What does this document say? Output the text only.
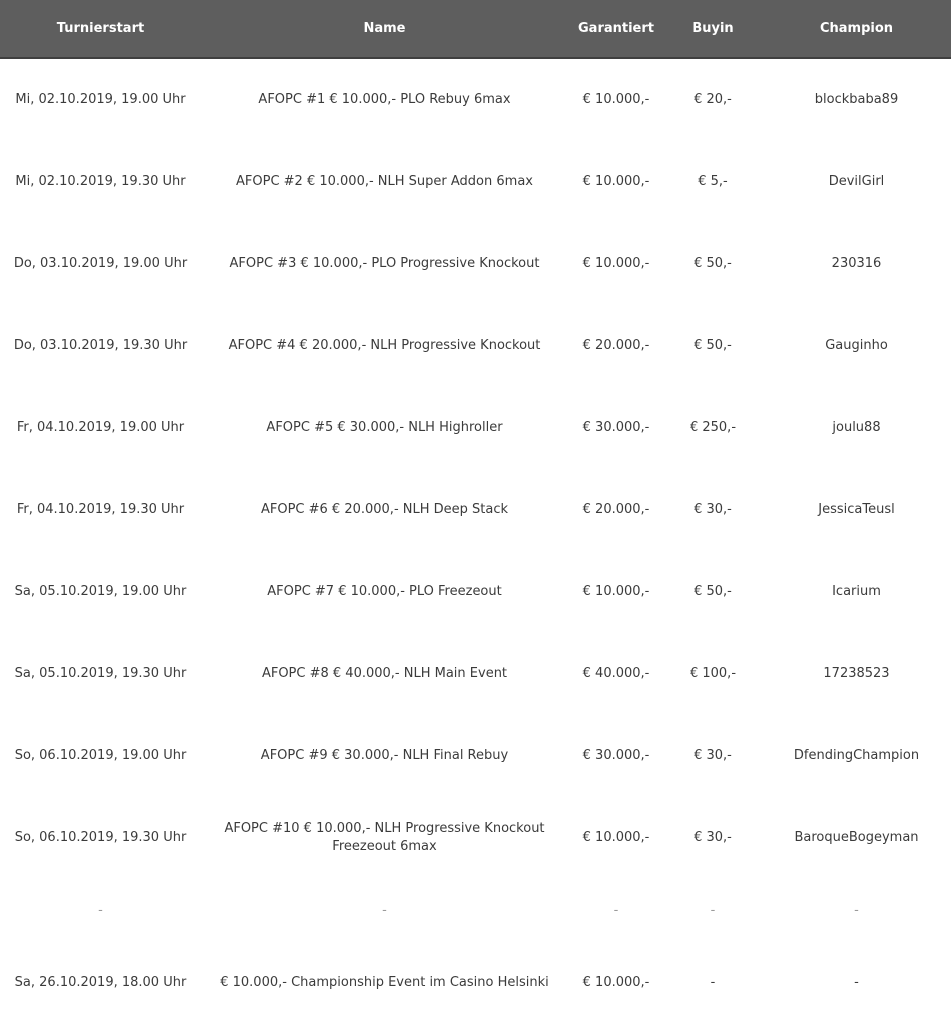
Turnierstart	Name	Garantiert	Buyin	Champion
Mi, 02.10.2019, 19.00 Uhr	AFOPC #1 € 10.000,- PLO Rebuy 6max	€ 10.000,-	€ 20,-	blockbaba89
Mi, 02.10.2019, 19.30 Uhr	AFOPC #2 € 10.000,- NLH Super Addon 6max	€ 10.000,-	€ 5,-	DevilGirl
Do, 03.10.2019, 19.00 Uhr	AFOPC #3 € 10.000,- PLO Progressive Knockout	€ 10.000,-	€ 50,-	230316
Do, 03.10.2019, 19.30 Uhr	AFOPC #4 € 20.000,- NLH Progressive Knockout	€ 20.000,-	€ 50,-	Gauginho
Fr, 04.10.2019, 19.00 Uhr	AFOPC #5 € 30.000,- NLH Highroller	€ 30.000,-	€ 250,-	joulu88
Fr, 04.10.2019, 19.30 Uhr	AFOPC #6 € 20.000,- NLH Deep Stack	€ 20.000,-	€ 30,-	JessicaTeusl
Sa, 05.10.2019, 19.00 Uhr	AFOPC #7 € 10.000,- PLO Freezeout	€ 10.000,-	€ 50,-	Icarium
Sa, 05.10.2019, 19.30 Uhr	AFOPC #8 € 40.000,- NLH Main Event	€ 40.000,-	€ 100,-	17238523
So, 06.10.2019, 19.00 Uhr	AFOPC #9 € 30.000,- NLH Final Rebuy	€ 30.000,-	€ 30,-	DfendingChampion
So, 06.10.2019, 19.30 Uhr	AFOPC #10 € 10.000,- NLH Progressive Knockout Freezeout 6max	€ 10.000,-	€ 30,-	BaroqueBogeyman
-	-	-	-	-
Sa, 26.10.2019, 18.00 Uhr	€ 10.000,- Championship Event im Casino Helsinki	€ 10.000,-	-	-
